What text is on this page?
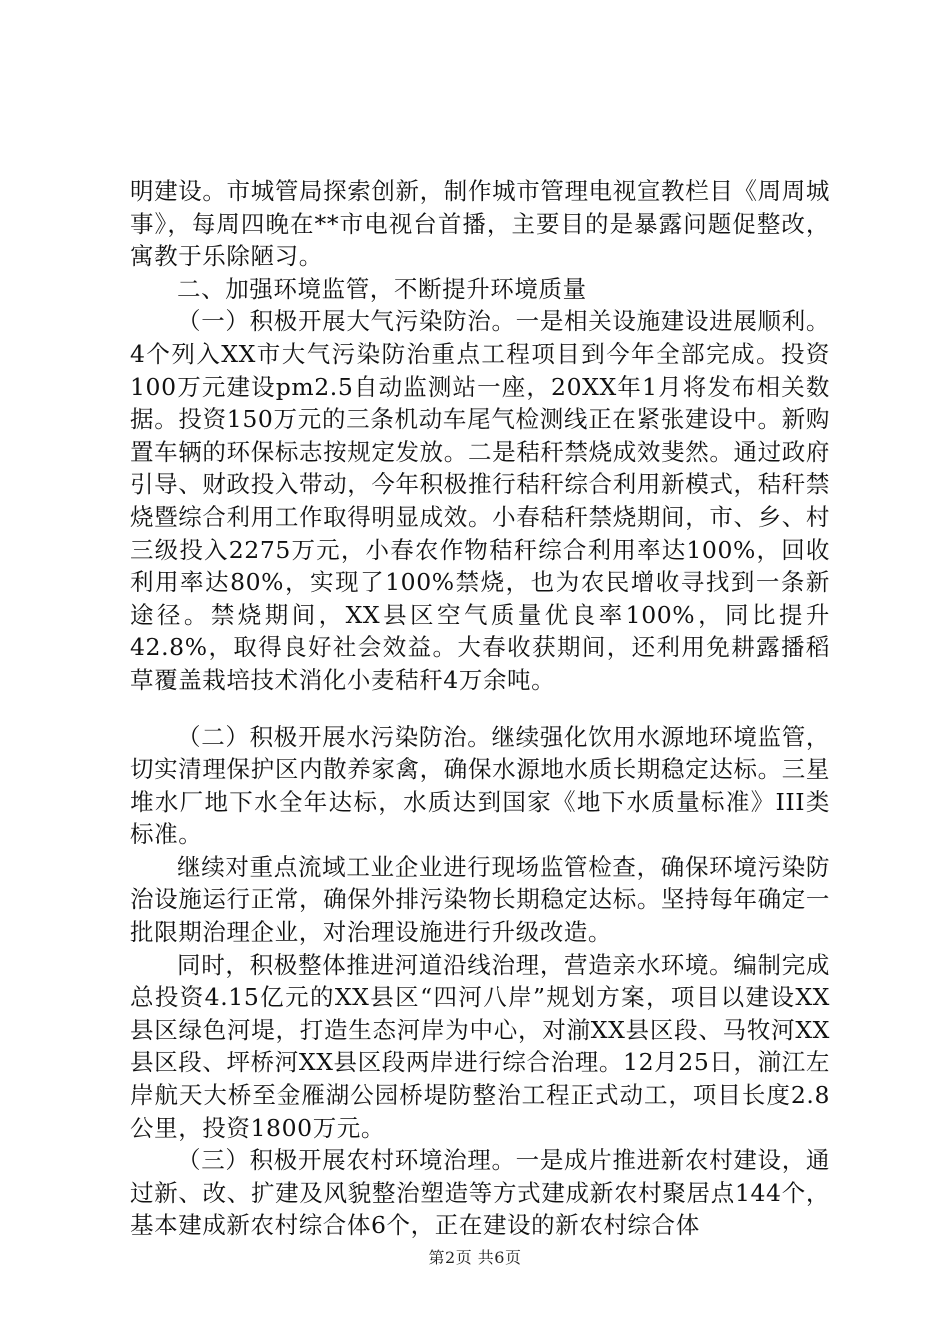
明建设。市城管局探索创新，制作城市管理电视宣教栏目《周周城事》，每周四晚在**市电视台首播，主要目的是暴露问题促整改，寓教于乐除陋习。

二、加强环境监管，不断提升环境质量

（一）积极开展大气污染防治。一是相关设施建设进展顺利。4个列入XX市大气污染防治重点工程项目到今年全部完成。投资100万元建设pm2.5自动监测站一座，20XX年1月将发布相关数据。投资150万元的三条机动车尾气检测线正在紧张建设中。新购置车辆的环保标志按规定发放。二是秸秆禁烧成效斐然。通过政府引导、财政投入带动，今年积极推行秸秆综合利用新模式，秸秆禁烧暨综合利用工作取得明显成效。小春秸秆禁烧期间，市、乡、村三级投入2275万元，小春农作物秸秆综合利用率达100%，回收利用率达80%，实现了100%禁烧，也为农民增收寻找到一条新途径。禁烧期间，XX县区空气质量优良率100%，同比提升42.8%，取得良好社会效益。大春收获期间，还利用免耕露播稻草覆盖栽培技术消化小麦秸秆4万余吨。

（二）积极开展水污染防治。继续强化饮用水源地环境监管，切实清理保护区内散养家禽，确保水源地水质长期稳定达标。三星堆水厂地下水全年达标，水质达到国家《地下水质量标准》III类标准。

继续对重点流域工业企业进行现场监管检查，确保环境污染防治设施运行正常，确保外排污染物长期稳定达标。坚持每年确定一批限期治理企业，对治理设施进行升级改造。

同时，积极整体推进河道沿线治理，营造亲水环境。编制完成总投资4.15亿元的XX县区“四河八岸”规划方案，项目以建设XX县区绿色河堤，打造生态河岸为中心，对湔XX县区段、马牧河XX县区段、坪桥河XX县区段两岸进行综合治理。12月25日，湔江左岸航天大桥至金雁湖公园桥堤防整治工程正式动工，项目长度2.8公里，投资1800万元。

（三）积极开展农村环境治理。一是成片推进新农村建设，通过新、改、扩建及风貌整治塑造等方式建成新农村聚居点144个，基本建成新农村综合体6个，正在建设的新农村综合体

第2页 共6页
